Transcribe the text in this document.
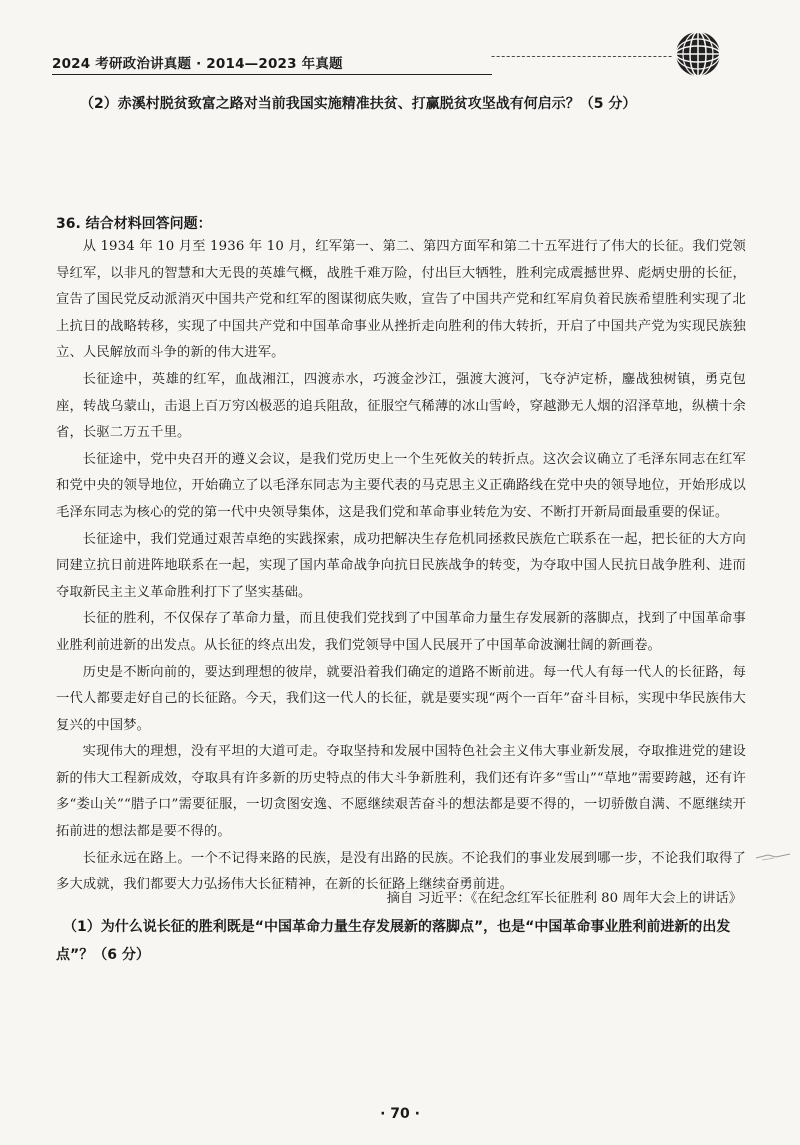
2024 考研政治讲真题 · 2014—2023 年真题

（2）赤溪村脱贫致富之路对当前我国实施精准扶贫、打赢脱贫攻坚战有何启示？（5 分）

36. 结合材料回答问题：

从 1934 年 10 月至 1936 年 10 月，红军第一、第二、第四方面军和第二十五军进行了伟大的长征。我们党领导红军，以非凡的智慧和大无畏的英雄气概，战胜千难万险，付出巨大牺牲，胜利完成震撼世界、彪炳史册的长征，宣告了国民党反动派消灭中国共产党和红军的图谋彻底失败，宣告了中国共产党和红军肩负着民族希望胜利实现了北上抗日的战略转移，实现了中国共产党和中国革命事业从挫折走向胜利的伟大转折，开启了中国共产党为实现民族独立、人民解放而斗争的新的伟大进军。

长征途中，英雄的红军，血战湘江，四渡赤水，巧渡金沙江，强渡大渡河，飞夺泸定桥，鏖战独树镇，勇克包座，转战乌蒙山，击退上百万穷凶极恶的追兵阻敌，征服空气稀薄的冰山雪岭，穿越渺无人烟的沼泽草地，纵横十余省，长驱二万五千里。

长征途中，党中央召开的遵义会议，是我们党历史上一个生死攸关的转折点。这次会议确立了毛泽东同志在红军和党中央的领导地位，开始确立了以毛泽东同志为主要代表的马克思主义正确路线在党中央的领导地位，开始形成以毛泽东同志为核心的党的第一代中央领导集体，这是我们党和革命事业转危为安、不断打开新局面最重要的保证。

长征途中，我们党通过艰苦卓绝的实践探索，成功把解决生存危机同拯救民族危亡联系在一起，把长征的大方向同建立抗日前进阵地联系在一起，实现了国内革命战争向抗日民族战争的转变，为夺取中国人民抗日战争胜利、进而夺取新民主主义革命胜利打下了坚实基础。

长征的胜利，不仅保存了革命力量，而且使我们党找到了中国革命力量生存发展新的落脚点，找到了中国革命事业胜利前进新的出发点。从长征的终点出发，我们党领导中国人民展开了中国革命波澜壮阔的新画卷。

历史是不断向前的，要达到理想的彼岸，就要沿着我们确定的道路不断前进。每一代人有每一代人的长征路，每一代人都要走好自己的长征路。今天，我们这一代人的长征，就是要实现“两个一百年”奋斗目标，实现中华民族伟大复兴的中国梦。

实现伟大的理想，没有平坦的大道可走。夺取坚持和发展中国特色社会主义伟大事业新发展，夺取推进党的建设新的伟大工程新成效，夺取具有许多新的历史特点的伟大斗争新胜利，我们还有许多“雪山”“草地”需要跨越，还有许多“娄山关”“腊子口”需要征服，一切贪图安逸、不愿继续艰苦奋斗的想法都是要不得的，一切骄傲自满、不愿继续开拓前进的想法都是要不得的。

长征永远在路上。一个不记得来路的民族，是没有出路的民族。不论我们的事业发展到哪一步，不论我们取得了多大成就，我们都要大力弘扬伟大长征精神，在新的长征路上继续奋勇前进。

摘自 习近平：《在纪念红军长征胜利 80 周年大会上的讲话》

（1）为什么说长征的胜利既是“中国革命力量生存发展新的落脚点”，也是“中国革命事业胜利前进新的出发点”？（6 分）

· 70 ·
